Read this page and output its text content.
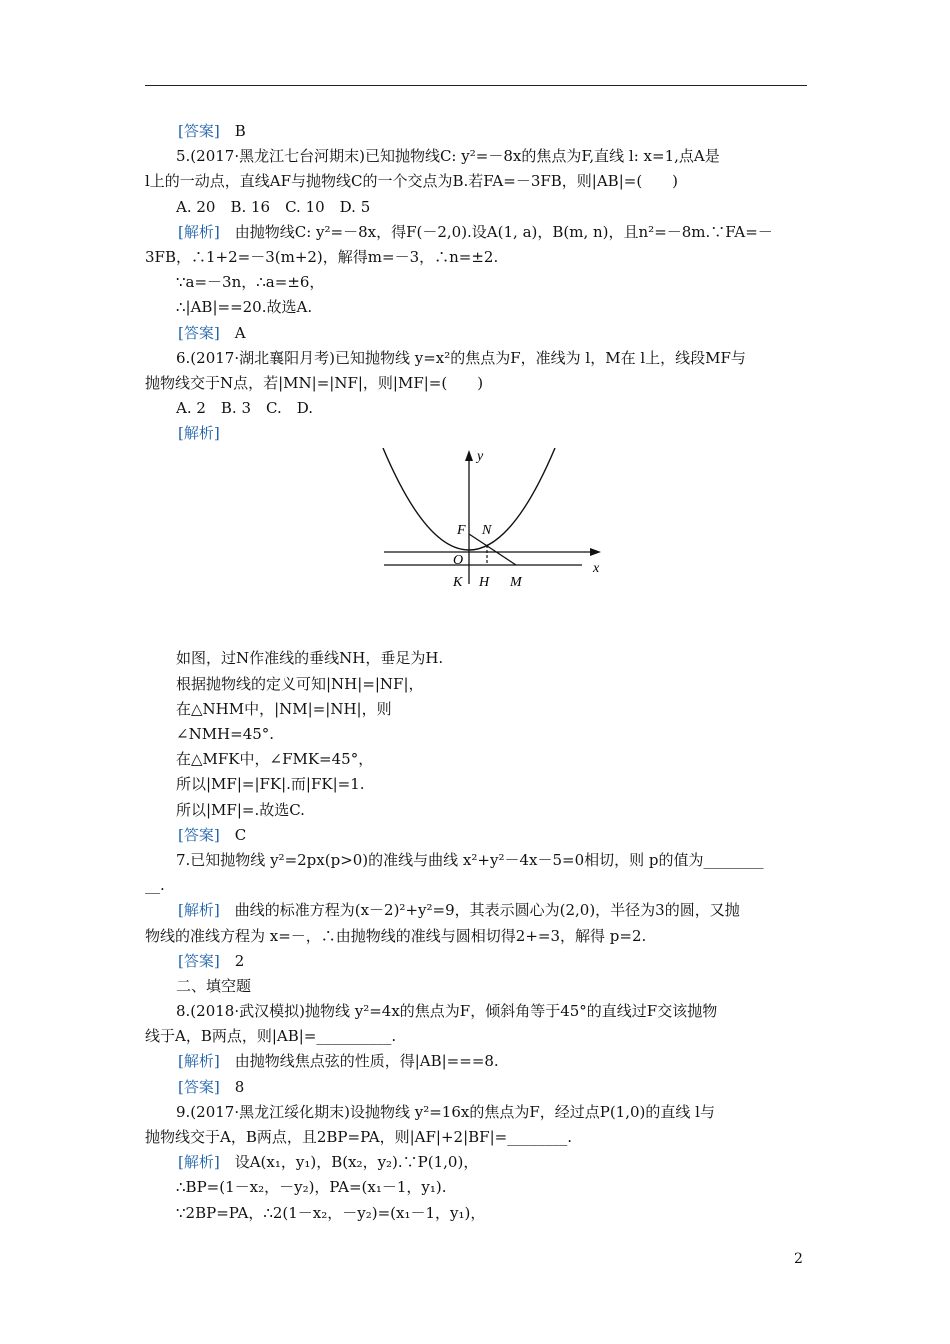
[答案]　B
5.(2017·黑龙江七台河期末)已知抛物线C: y²=－8x的焦点为F,直线 l: x=1,点A是
l上的一动点，直线AF与抛物线C的一个交点为B.若FA=－3FB，则|AB|=(　　)
A. 20　B. 16　C. 10　D. 5
[解析]　由抛物线C: y²=－8x，得F(－2,0).设A(1, a)，B(m, n)，且n²=－8m.∵FA=－
3FB，∴1+2=－3(m+2)，解得m=－3，∴n=±2.
∵a=－3n，∴a=±6，
∴|AB|==20.故选A.
[答案]　A
6.(2017·湖北襄阳月考)已知抛物线 y=x²的焦点为F，准线为 l，M在 l上，线段MF与
抛物线交于N点，若|MN|=|NF|，则|MF|=(　　)
A. 2　B. 3　C.　D.
[解析]
y
x
F N
O
K H M
如图，过N作准线的垂线NH，垂足为H.
根据抛物线的定义可知|NH|=|NF|，
在△NHM中，|NM|=|NH|，则
∠NMH=45°.
在△MFK中，∠FMK=45°，
所以|MF|=|FK|.而|FK|=1.
所以|MF|=.故选C.
[答案]　C
7.已知抛物线 y²=2px(p>0)的准线与曲线 x²+y²－4x－5=0相切，则 p的值为________
__.
[解析]　曲线的标准方程为(x－2)²+y²=9，其表示圆心为(2,0)，半径为3的圆，又抛
物线的准线方程为 x=－，∴由抛物线的准线与圆相切得2+=3，解得 p=2.
[答案]　2
二、填空题
8.(2018·武汉模拟)抛物线 y²=4x的焦点为F，倾斜角等于45°的直线过F交该抛物
线于A，B两点，则|AB|=__________.
[解析]　由抛物线焦点弦的性质，得|AB|===8.
[答案]　8
9.(2017·黑龙江绥化期末)设抛物线 y²=16x的焦点为F，经过点P(1,0)的直线 l与
抛物线交于A，B两点，且2BP=PA，则|AF|+2|BF|=________.
[解析]　设A(x₁，y₁)，B(x₂，y₂).∵P(1,0)，
∴BP=(1－x₂，－y₂)，PA=(x₁－1，y₁).
∵2BP=PA，∴2(1－x₂，－y₂)=(x₁－1，y₁)，
2
